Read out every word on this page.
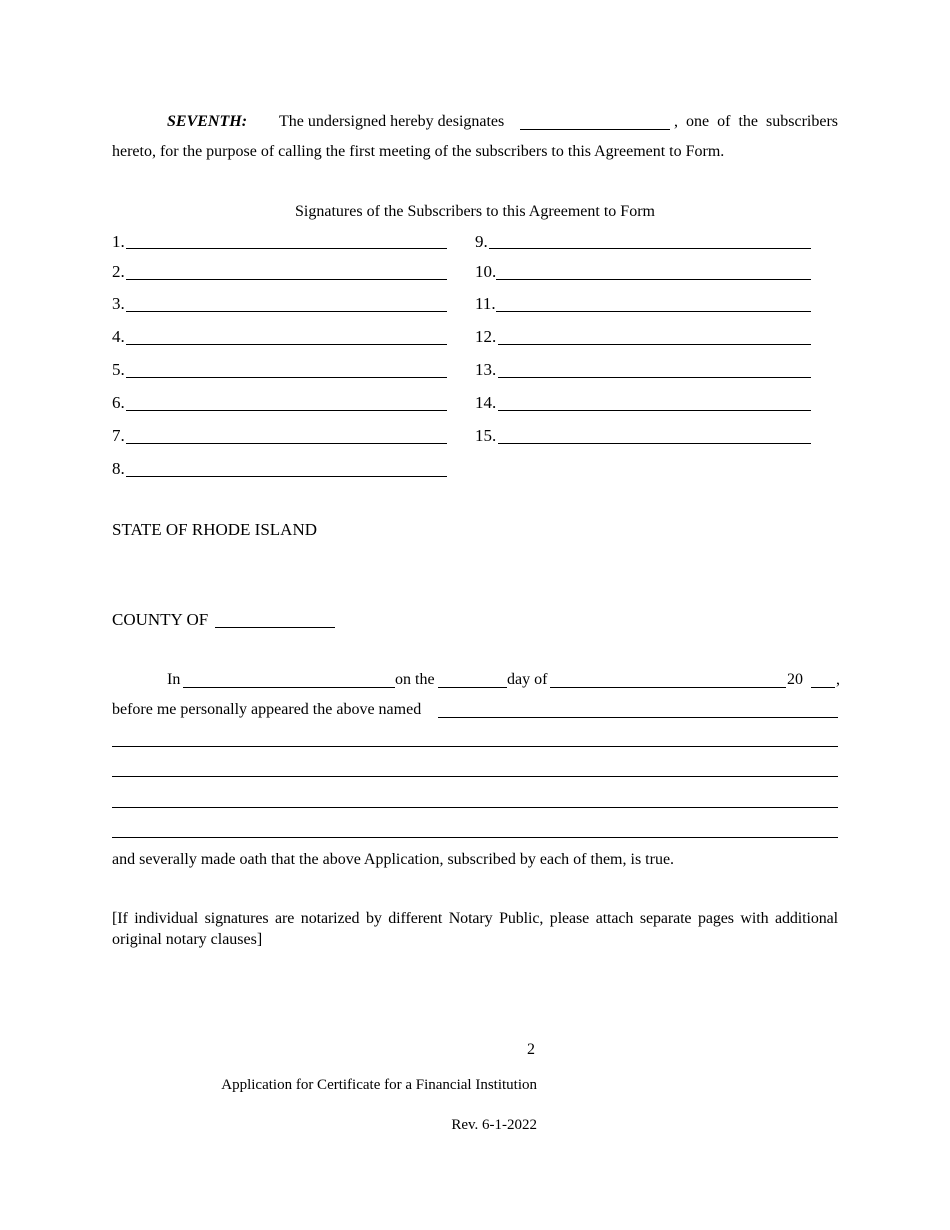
SEVENTH: The undersigned hereby designates	, one of the subscribers
hereto, for the purpose of calling the first meeting of the subscribers to this Agreement to Form.
Signatures of the Subscribers to this Agreement to Form
1.
2.
3.
4.
5.
6.
7.
8.
9.
10.
11.
12.
13.
14.
15.
STATE OF RHODE ISLAND
COUNTY OF
In	on the	day of	20 ,
before me personally appeared the above named
and severally made oath that the above Application, subscribed by each of them, is true.
[If individual signatures are notarized by different Notary Public, please attach separate pages with additional
original notary clauses]
2
Application for Certificate for a Financial Institution
Rev. 6-1-2022
